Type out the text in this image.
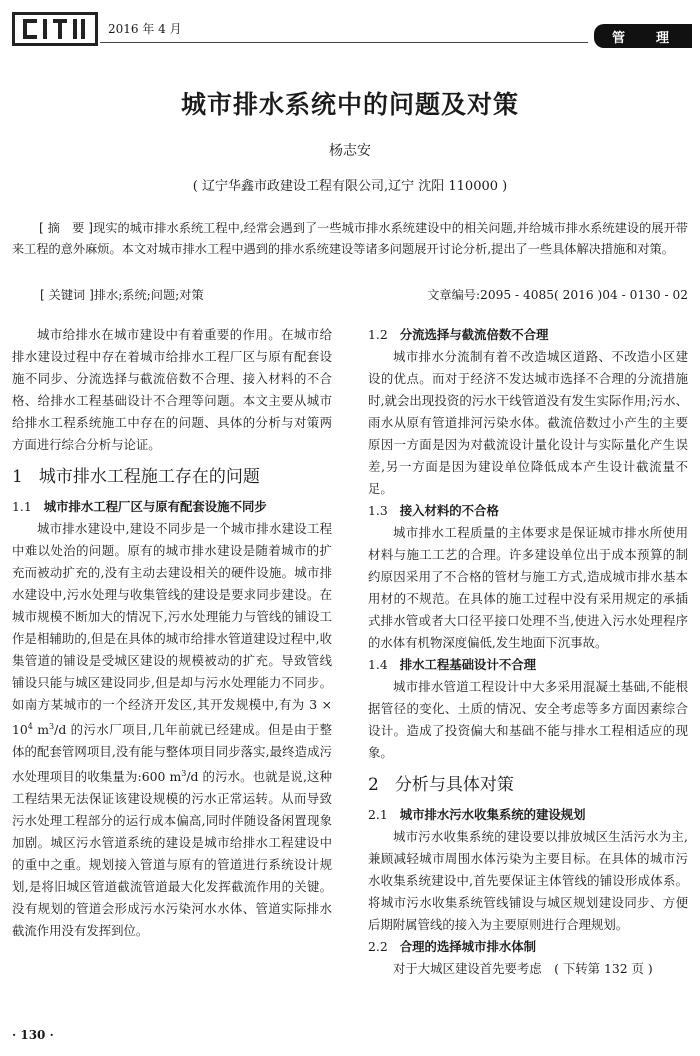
2016 年 4 月
管 理
城市排水系统中的问题及对策
杨志安
( 辽宁华鑫市政建设工程有限公司,辽宁 沈阳 110000 )
[ 摘　要 ]现实的城市排水系统工程中,经常会遇到了一些城市排水系统建设中的相关问题,并给城市排水系统建设的展开带来工程的意外麻烦。本文对城市排水工程中遇到的排水系统建设等诸多问题展开讨论分析,提出了一些具体解决措施和对策。
[ 关键词 ]排水;系统;问题;对策	文章编号:2095 - 4085( 2016 )04 - 0130 - 02

城市给排水在城市建设中有着重要的作用。在城市给排水建设过程中存在着城市给排水工程厂区与原有配套设施不同步、分流选择与截流倍数不合理、接入材料的不合格、给排水工程基础设计不合理等问题。本文主要从城市给排水工程系统施工中存在的问题、具体的分析与对策两方面进行综合分析与论证。

1 城市排水工程施工存在的问题
1.1 城市排水工程厂区与原有配套设施不同步

城市排水建设中,建设不同步是一个城市排水建设工程中难以处治的问题。原有的城市排水建设是随着城市的扩充而被动扩充的,没有主动去建设相关的硬件设施。城市排水建设中,污水处理与收集管线的建设是要求同步建设。在城市规模不断加大的情况下,污水处理能力与管线的铺设工作是相辅助的,但是在具体的城市给排水管道建设过程中,收集管道的铺设是受城区建设的规模被动的扩充。导致管线铺设只能与城区建设同步,但是却与污水处理能力不同步。如南方某城市的一个经济开发区,其开发规模中,有为 $3 \times 10^4$ $m^3/d$ 的污水厂项目,几年前就已经建成。但是由于整体的配套管网项目,没有能与整体项目同步落实,最终造成污水处理项目的收集量为:600 $m^3/d$ 的污水。也就是说,这种工程结果无法保证该建设规模的污水正常运转。从而导致污水处理工程部分的运行成本偏高,同时伴随设备闲置现象加剧。城区污水管道系统的建设是城市给排水工程建设中的重中之重。规划接入管道与原有的管道进行系统设计规划,是将旧城区管道截流管道最大化发挥截流作用的关键。没有规划的管道会形成污水污染河水水体、管道实际排水截流作用没有发挥到位。

1.2 分流选择与截流倍数不合理

城市排水分流制有着不改造城区道路、不改造小区建设的优点。而对于经济不发达城市选择不合理的分流措施时,就会出现投资的污水干线管道没有发生实际作用;污水、雨水从原有管道排河污染水体。截流倍数过小产生的主要原因一方面是因为对截流设计量化设计与实际量化产生误差,另一方面是因为建设单位降低成本产生设计截流量不足。

1.3 接入材料的不合格

城市排水工程质量的主体要求是保证城市排水所使用材料与施工工艺的合理。许多建设单位出于成本预算的制约原因采用了不合格的管材与施工方式,造成城市排水基本用材的不规范。在具体的施工过程中没有采用规定的承插式排水管或者大口径平接口处理不当,使进入污水处理程序的水体有机物深度偏低,发生地面下沉事故。

1.4 排水工程基础设计不合理

城市排水管道工程设计中大多采用混凝土基础,不能根据管径的变化、土质的情况、安全考虑等多方面因素综合设计。造成了投资偏大和基础不能与排水工程相适应的现象。

2 分析与具体对策
2.1 城市排水污水收集系统的建设规划

城市污水收集系统的建设要以排放城区生活污水为主,兼顾减轻城市周围水体污染为主要目标。在具体的城市污水收集系统建设中,首先要保证主体管线的铺设形成体系。将城市污水收集系统管线铺设与城区规划建设同步、方便后期附属管线的接入为主要原则进行合理规划。

2.2 合理的选择城市排水体制

对于大城区建设首先要考虑　( 下转第 132 页 )

· 130 ·
